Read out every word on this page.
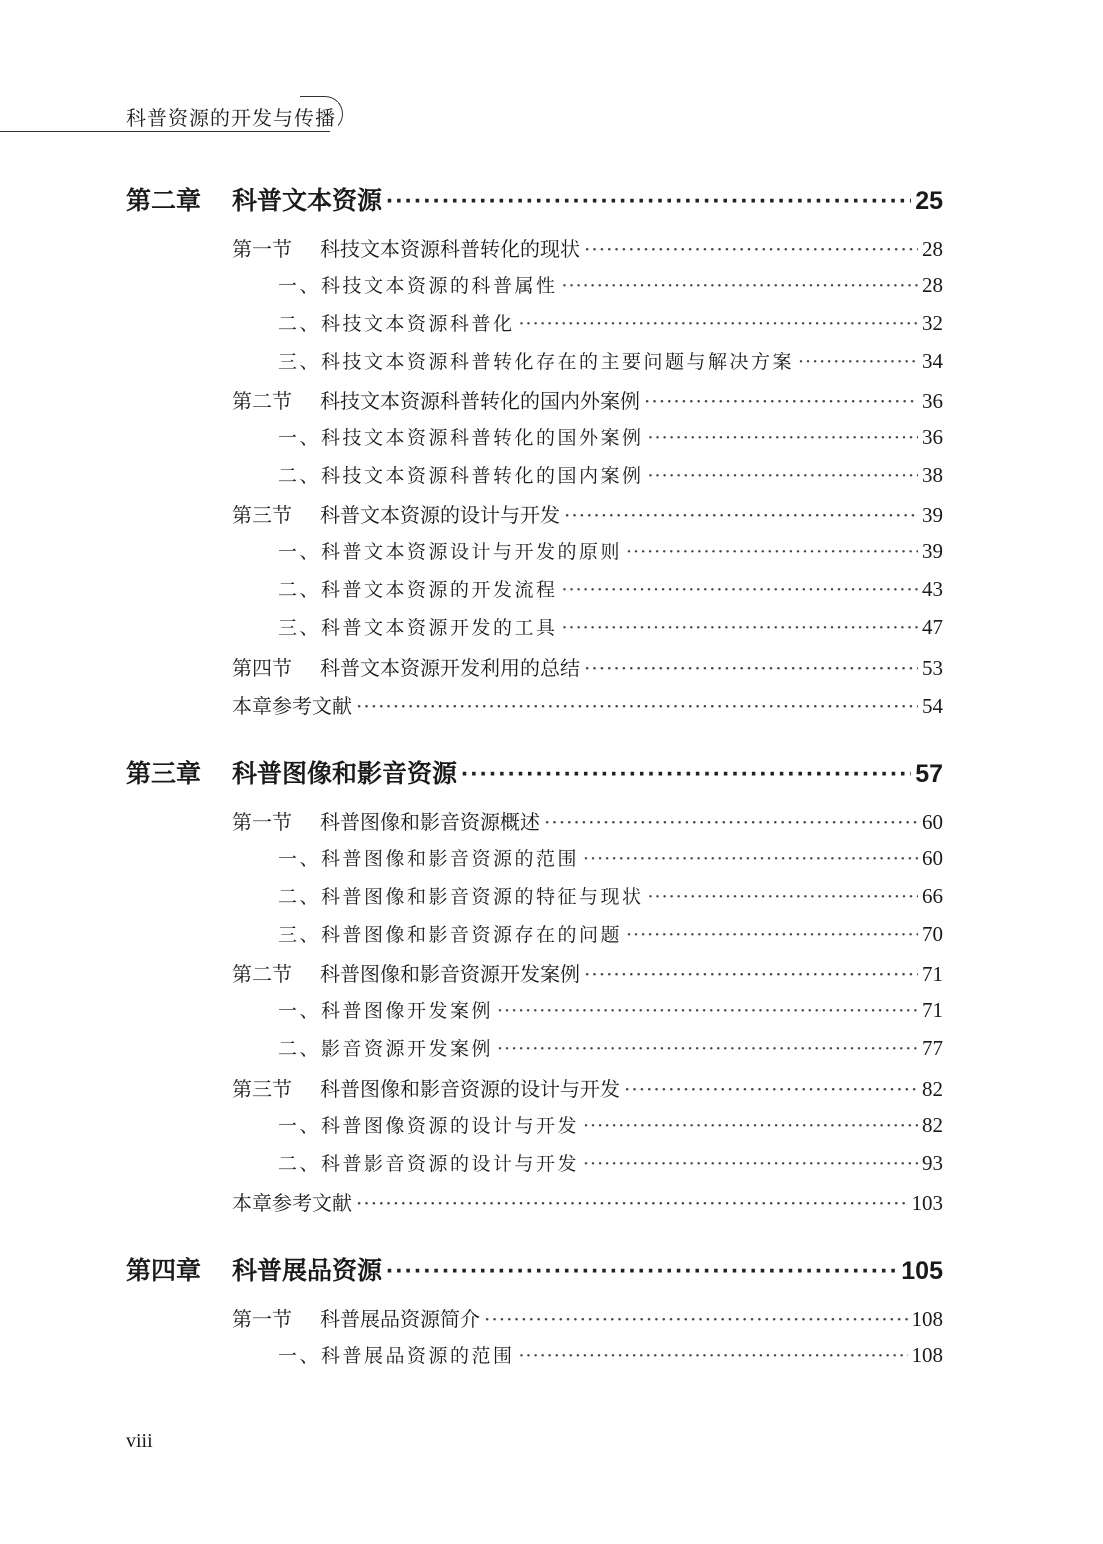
科普资源的开发与传播
第二章	科普文本资源 ·····	25
第一节	科技文本资源科普转化的现状 ·····	28
一、科技文本资源的科普属性 ·····	28
二、科技文本资源科普化 ·····	32
三、科技文本资源科普转化存在的主要问题与解决方案 ·····	34
第二节	科技文本资源科普转化的国内外案例 ·····	36
一、科技文本资源科普转化的国外案例 ·····	36
二、科技文本资源科普转化的国内案例 ·····	38
第三节	科普文本资源的设计与开发 ·····	39
一、科普文本资源设计与开发的原则 ·····	39
二、科普文本资源的开发流程 ·····	43
三、科普文本资源开发的工具 ·····	47
第四节	科普文本资源开发利用的总结 ·····	53
本章参考文献 ·····	54
第三章	科普图像和影音资源 ·····	57
第一节	科普图像和影音资源概述 ·····	60
一、科普图像和影音资源的范围 ·····	60
二、科普图像和影音资源的特征与现状 ·····	66
三、科普图像和影音资源存在的问题 ·····	70
第二节	科普图像和影音资源开发案例 ·····	71
一、科普图像开发案例 ·····	71
二、影音资源开发案例 ·····	77
第三节	科普图像和影音资源的设计与开发 ·····	82
一、科普图像资源的设计与开发 ·····	82
二、科普影音资源的设计与开发 ·····	93
本章参考文献 ·····	103
第四章	科普展品资源 ·····	105
第一节	科普展品资源简介 ·····	108
一、科普展品资源的范围 ·····	108
viii
